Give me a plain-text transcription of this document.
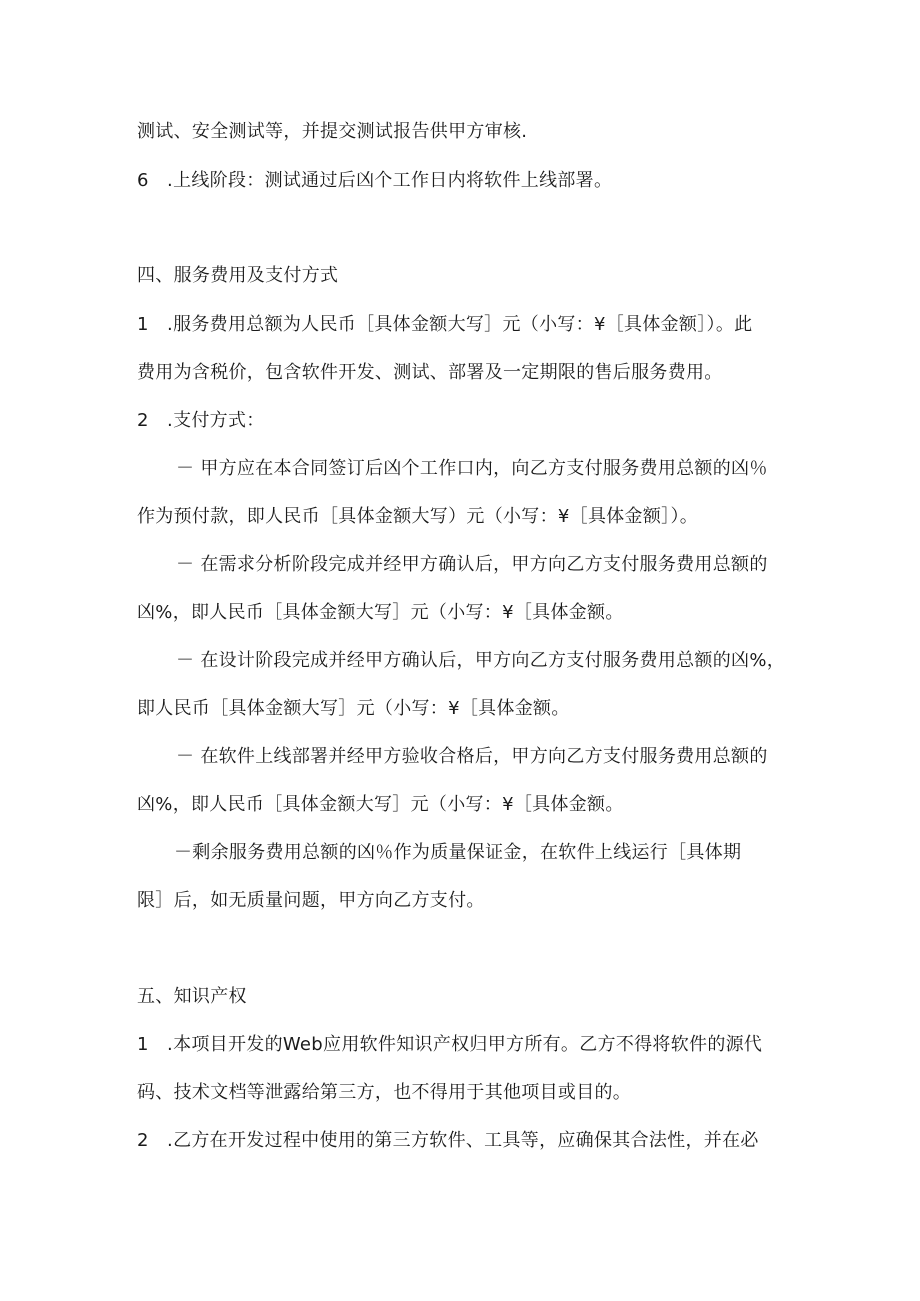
测试、安全测试等，并提交测试报告供甲方审核.
6　.上线阶段：测试通过后凶个工作日内将软件上线部署。
四、服务费用及支付方式
1　.服务费用总额为人民币［具体金额大写］元（小写：¥［具体金额］）。此
费用为含税价，包含软件开发、测试、部署及一定期限的售后服务费用。
2　.支付方式：
－ 甲方应在本合同签订后凶个工作口内，向乙方支付服务费用总额的凶％
作为预付款，即人民币［具体金额大写）元（小写：¥［具体金额］）。
－ 在需求分析阶段完成并经甲方确认后，甲方向乙方支付服务费用总额的
凶%，即人民币［具体金额大写］元（小写：¥［具体金额。
－ 在设计阶段完成并经甲方确认后，甲方向乙方支付服务费用总额的凶%，
即人民币［具体金额大写］元（小写：¥［具体金额。
－ 在软件上线部署并经甲方验收合格后，甲方向乙方支付服务费用总额的
凶%，即人民币［具体金额大写］元（小写：¥［具体金额。
－剩余服务费用总额的凶％作为质量保证金，在软件上线运行［具体期
限］后，如无质量问题，甲方向乙方支付。
五、知识产权
1　.本项目开发的Web应用软件知识产权归甲方所有。乙方不得将软件的源代
码、技术文档等泄露给第三方，也不得用于其他项目或目的。
2　.乙方在开发过程中使用的第三方软件、工具等，应确保其合法性，并在必
